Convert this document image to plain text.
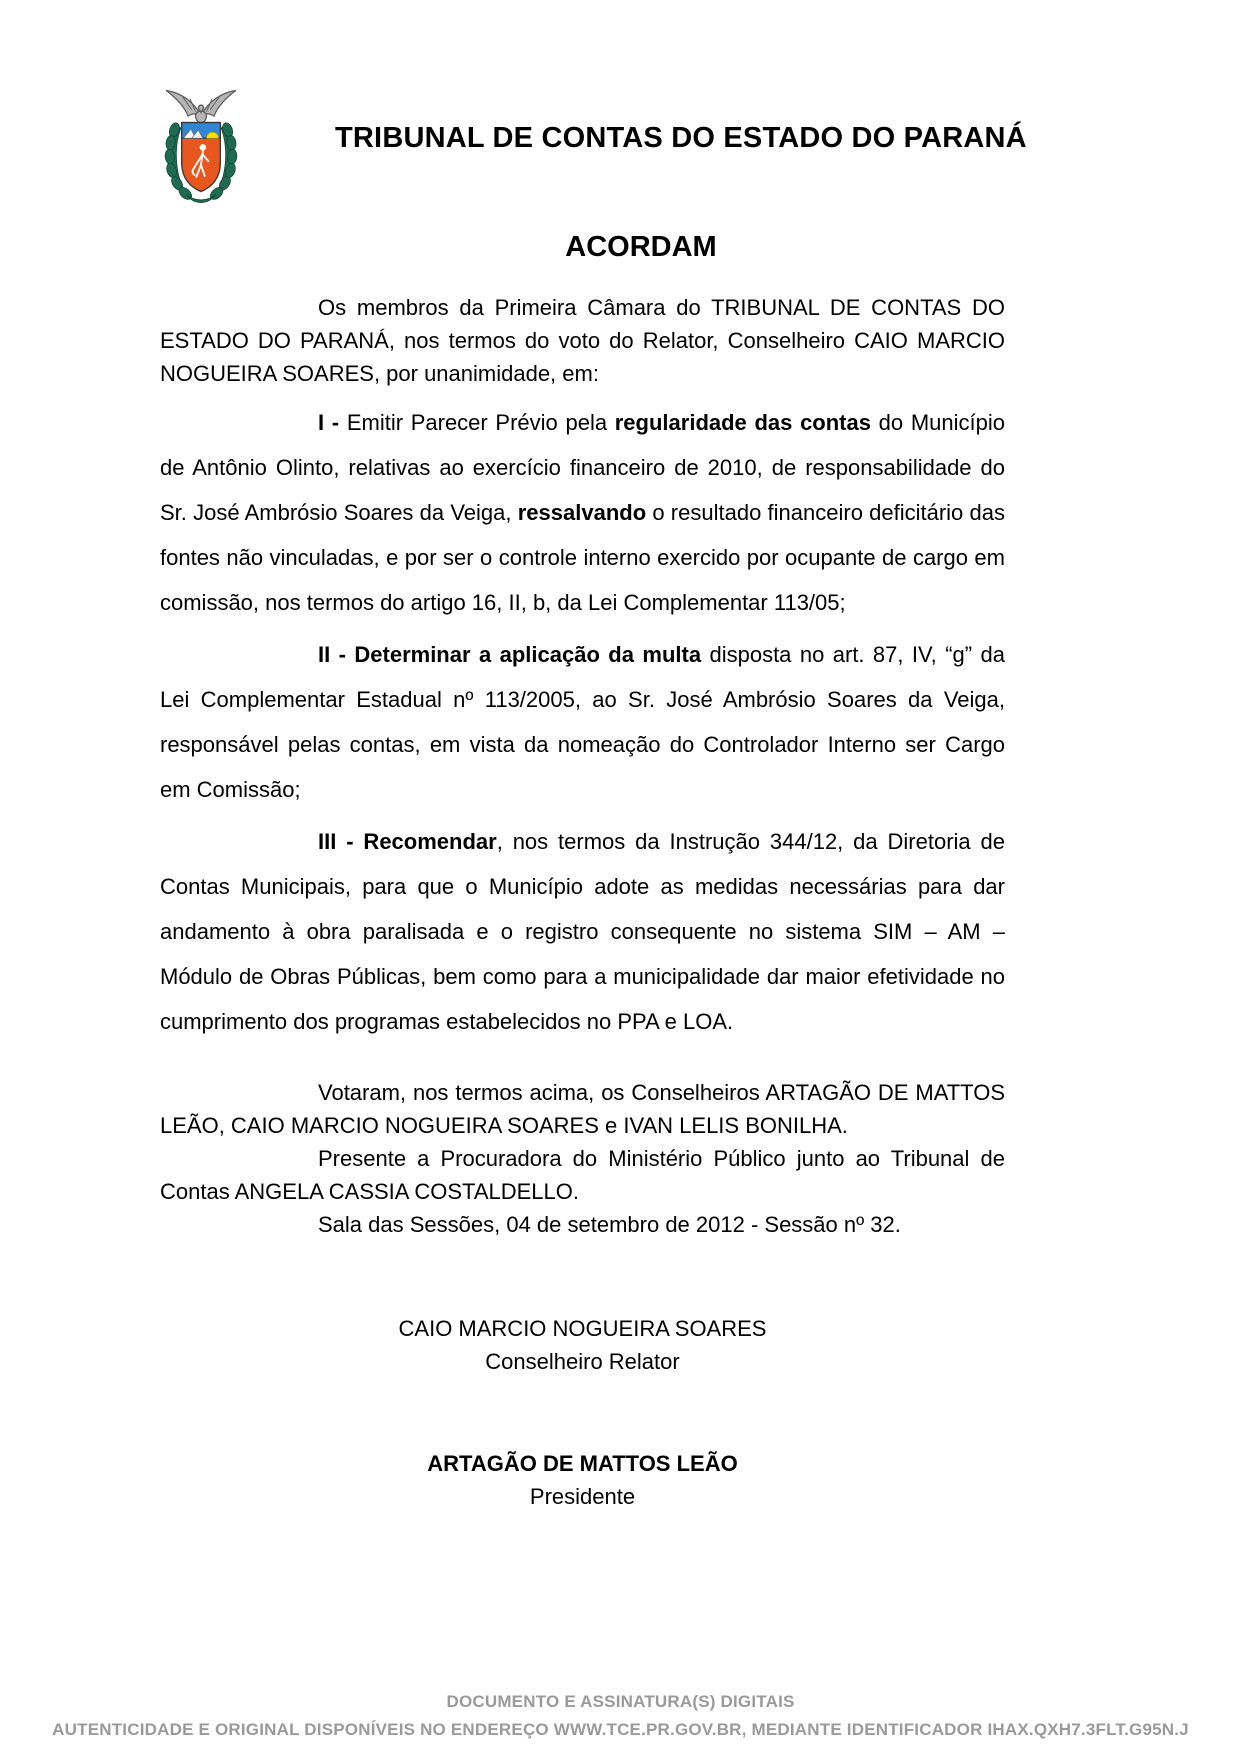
TRIBUNAL DE CONTAS DO ESTADO DO PARANÁ
ACORDAM
Os membros da Primeira Câmara do TRIBUNAL DE CONTAS DO ESTADO DO PARANÁ, nos termos do voto do Relator, Conselheiro CAIO MARCIO NOGUEIRA SOARES, por unanimidade, em:
I - Emitir Parecer Prévio pela regularidade das contas do Município de Antônio Olinto, relativas ao exercício financeiro de 2010, de responsabilidade do Sr. José Ambrósio Soares da Veiga, ressalvando o resultado financeiro deficitário das fontes não vinculadas, e por ser o controle interno exercido por ocupante de cargo em comissão, nos termos do artigo 16, II, b, da Lei Complementar 113/05;
II - Determinar a aplicação da multa disposta no art. 87, IV, “g” da Lei Complementar Estadual nº 113/2005, ao Sr. José Ambrósio Soares da Veiga, responsável pelas contas, em vista da nomeação do Controlador Interno ser Cargo em Comissão;
III - Recomendar, nos termos da Instrução 344/12, da Diretoria de Contas Municipais, para que o Município adote as medidas necessárias para dar andamento à obra paralisada e o registro consequente no sistema SIM – AM – Módulo de Obras Públicas, bem como para a municipalidade dar maior efetividade no cumprimento dos programas estabelecidos no PPA e LOA.

Votaram, nos termos acima, os Conselheiros ARTAGÃO DE MATTOS LEÃO, CAIO MARCIO NOGUEIRA SOARES e IVAN LELIS BONILHA.

Presente a Procuradora do Ministério Público junto ao Tribunal de Contas ANGELA CASSIA COSTALDELLO.

Sala das Sessões, 04 de setembro de 2012 - Sessão nº 32.

CAIO MARCIO NOGUEIRA SOARES
Conselheiro Relator
ARTAGÃO DE MATTOS LEÃO
Presidente
DOCUMENTO E ASSINATURA(S) DIGITAIS
AUTENTICIDADE E ORIGINAL DISPONÍVEIS NO ENDEREÇO WWW.TCE.PR.GOV.BR, MEDIANTE IDENTIFICADOR IHAX.QXH7.3FLT.G95N.J
